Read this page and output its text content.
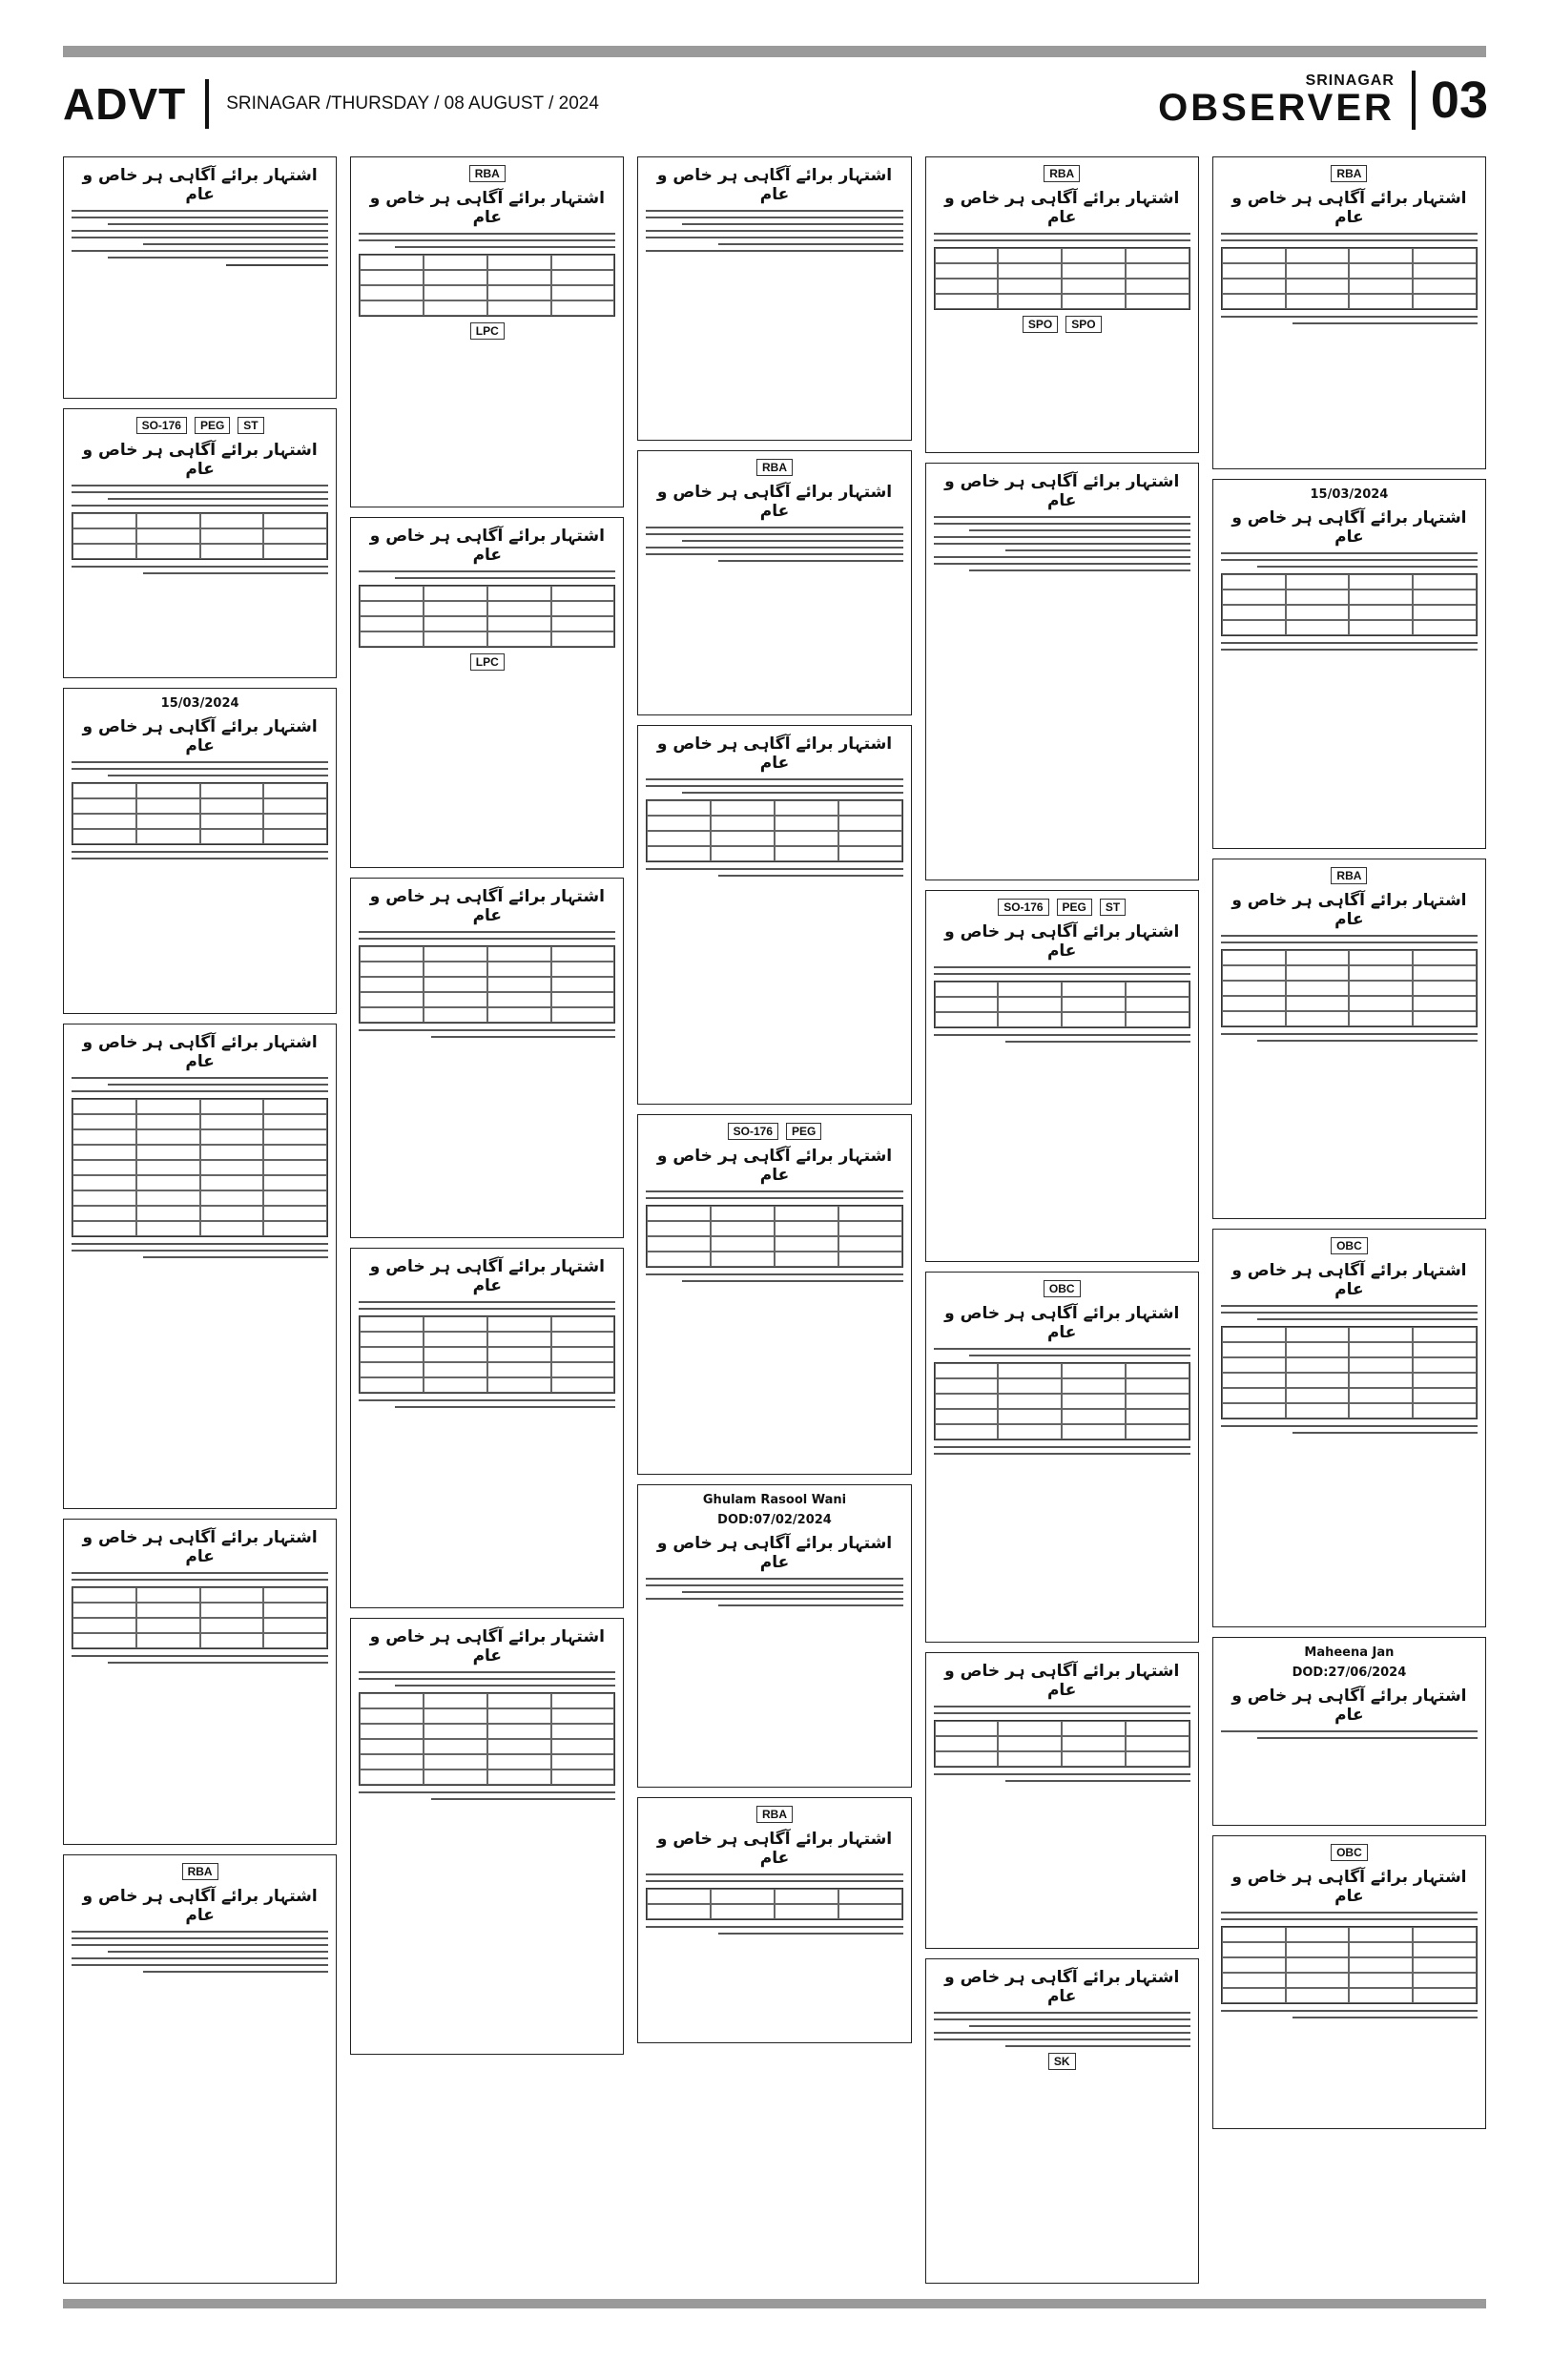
ADVT SRINAGAR /THURSDAY / 08 AUGUST / 2024
SRINAGAR
OBSERVER 03
اشتہار برائے آگاہی ہر خاص و عام
SO-176	PEG	ST
اشتہار برائے آگاہی ہر خاص و عام
15/03/2024
اشتہار برائے آگاہی ہر خاص و عام
اشتہار برائے آگاہی ہر خاص و عام
اشتہار برائے آگاہی ہر خاص و عام
RBA
اشتہار برائے آگاہی ہر خاص و عام
RBA
اشتہار برائے آگاہی ہر خاص و عام
LPC
اشتہار برائے آگاہی ہر خاص و عام
LPC
اشتہار برائے آگاہی ہر خاص و عام
اشتہار برائے آگاہی ہر خاص و عام
اشتہار برائے آگاہی ہر خاص و عام
اشتہار برائے آگاہی ہر خاص و عام
RBA
اشتہار برائے آگاہی ہر خاص و عام
اشتہار برائے آگاہی ہر خاص و عام
SO-176	PEG
اشتہار برائے آگاہی ہر خاص و عام
Ghulam Rasool Wani
DOD:07/02/2024
اشتہار برائے آگاہی ہر خاص و عام
RBA
اشتہار برائے آگاہی ہر خاص و عام
RBA
اشتہار برائے آگاہی ہر خاص و عام
SPO	SPO
اشتہار برائے آگاہی ہر خاص و عام
SO-176	PEG	ST
اشتہار برائے آگاہی ہر خاص و عام
OBC
اشتہار برائے آگاہی ہر خاص و عام
اشتہار برائے آگاہی ہر خاص و عام
اشتہار برائے آگاہی ہر خاص و عام
SK
RBA
اشتہار برائے آگاہی ہر خاص و عام
15/03/2024
اشتہار برائے آگاہی ہر خاص و عام
RBA
اشتہار برائے آگاہی ہر خاص و عام
OBC
اشتہار برائے آگاہی ہر خاص و عام
Maheena Jan
DOD:27/06/2024
اشتہار برائے آگاہی ہر خاص و عام
OBC
اشتہار برائے آگاہی ہر خاص و عام
